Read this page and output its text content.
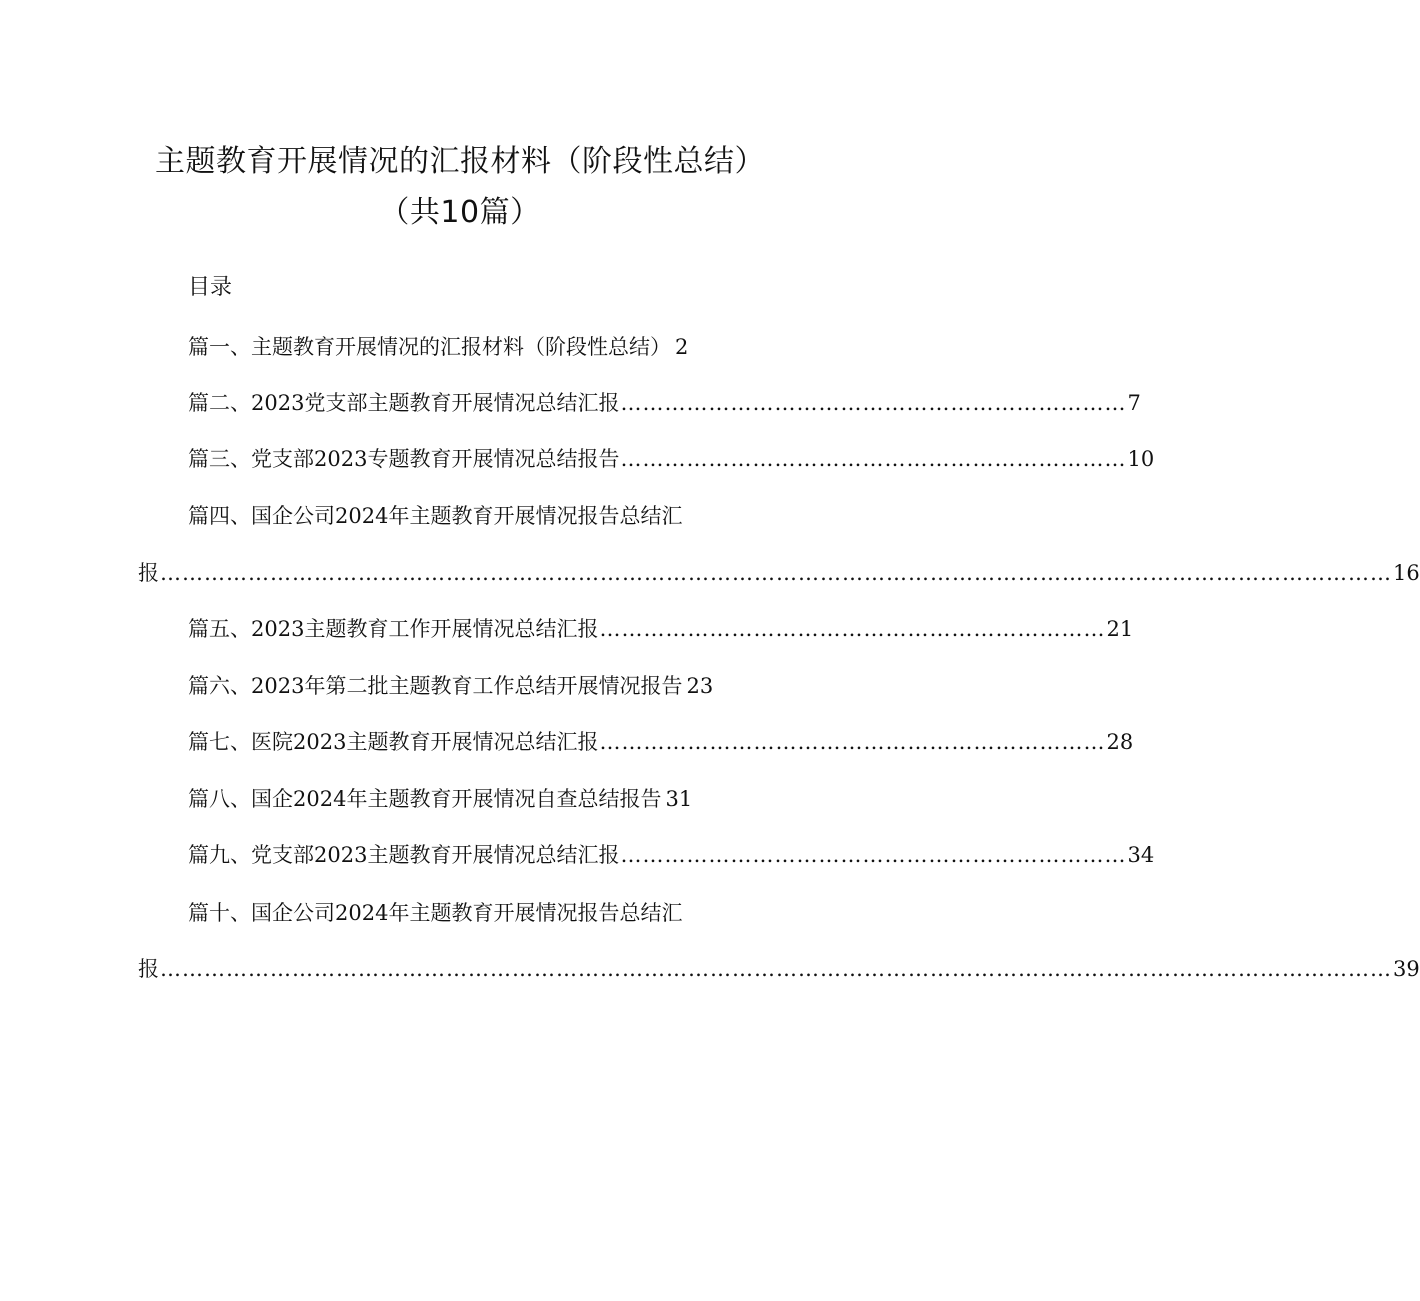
主题教育开展情况的汇报材料（阶段性总结）
（共10篇）
目录
篇一、主题教育开展情况的汇报材料（阶段性总结） 2
篇二、2023党支部主题教育开展情况总结汇报 …………………………………………………………… 7
篇三、党支部2023专题教育开展情况总结报告 …………………………………………………………… 10
篇四、国企公司2024年主题教育开展情况报告总结汇
报 …………………………………………………………………………………………………………………………………………………… 16
篇五、2023主题教育工作开展情况总结汇报 …………………………………………………………… 21
篇六、2023年第二批主题教育工作总结开展情况报告 23
篇七、医院2023主题教育开展情况总结汇报 …………………………………………………………… 28
篇八、国企2024年主题教育开展情况自查总结报告 31
篇九、党支部2023主题教育开展情况总结汇报 …………………………………………………………… 34
篇十、国企公司2024年主题教育开展情况报告总结汇
报 …………………………………………………………………………………………………………………………………………………… 39
